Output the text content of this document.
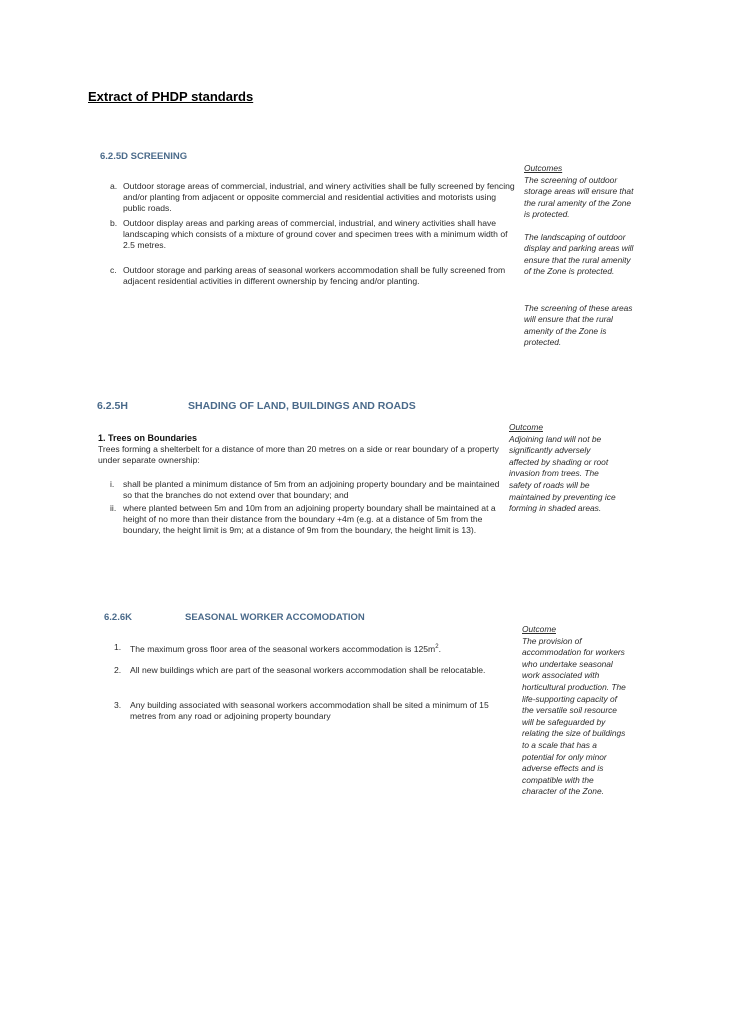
Extract of PHDP standards
6.2.5D SCREENING
a. Outdoor storage areas of commercial, industrial, and winery activities shall be fully screened by fencing and/or planting from adjacent or opposite commercial and residential activities and motorists using public roads.
b. Outdoor display areas and parking areas of commercial, industrial, and winery activities shall have landscaping which consists of a mixture of ground cover and specimen trees with a minimum width of 2.5 metres.
c. Outdoor storage and parking areas of seasonal workers accommodation shall be fully screened from adjacent residential activities in different ownership by fencing and/or planting.
Outcomes
The screening of outdoor storage areas will ensure that the rural amenity of the Zone is protected.
The landscaping of outdoor display and parking areas will ensure that the rural amenity of the Zone is protected.
The screening of these areas will ensure that the rural amenity of the Zone is protected.
6.2.5H	SHADING OF LAND, BUILDINGS AND ROADS
1. Trees on Boundaries
Trees forming a shelterbelt for a distance of more than 20 metres on a side or rear boundary of a property under separate ownership:
i.	shall be planted a minimum distance of 5m from an adjoining property boundary and be maintained so that the branches do not extend over that boundary; and
ii. where planted between 5m and 10m from an adjoining property boundary shall be maintained at a height of no more than their distance from the boundary +4m (e.g. at a distance of 5m from the boundary, the height limit is 9m; at a distance of 9m from the boundary, the height limit is 13).
Outcome
Adjoining land will not be significantly adversely affected by shading or root invasion from trees. The safety of roads will be maintained by preventing ice forming in shaded areas.
6.2.6K	SEASONAL WORKER ACCOMODATION
1.	The maximum gross floor area of the seasonal workers accommodation is $125m^2$.
2.	All new buildings which are part of the seasonal workers accommodation shall be relocatable.
3.	Any building associated with seasonal workers accommodation shall be sited a minimum of 15 metres from any road or adjoining property boundary
Outcome
The provision of accommodation for workers who undertake seasonal work associated with horticultural production. The life-supporting capacity of the versatile soil resource will be safeguarded by relating the size of buildings to a scale that has a potential for only minor adverse effects and is compatible with the character of the Zone.
